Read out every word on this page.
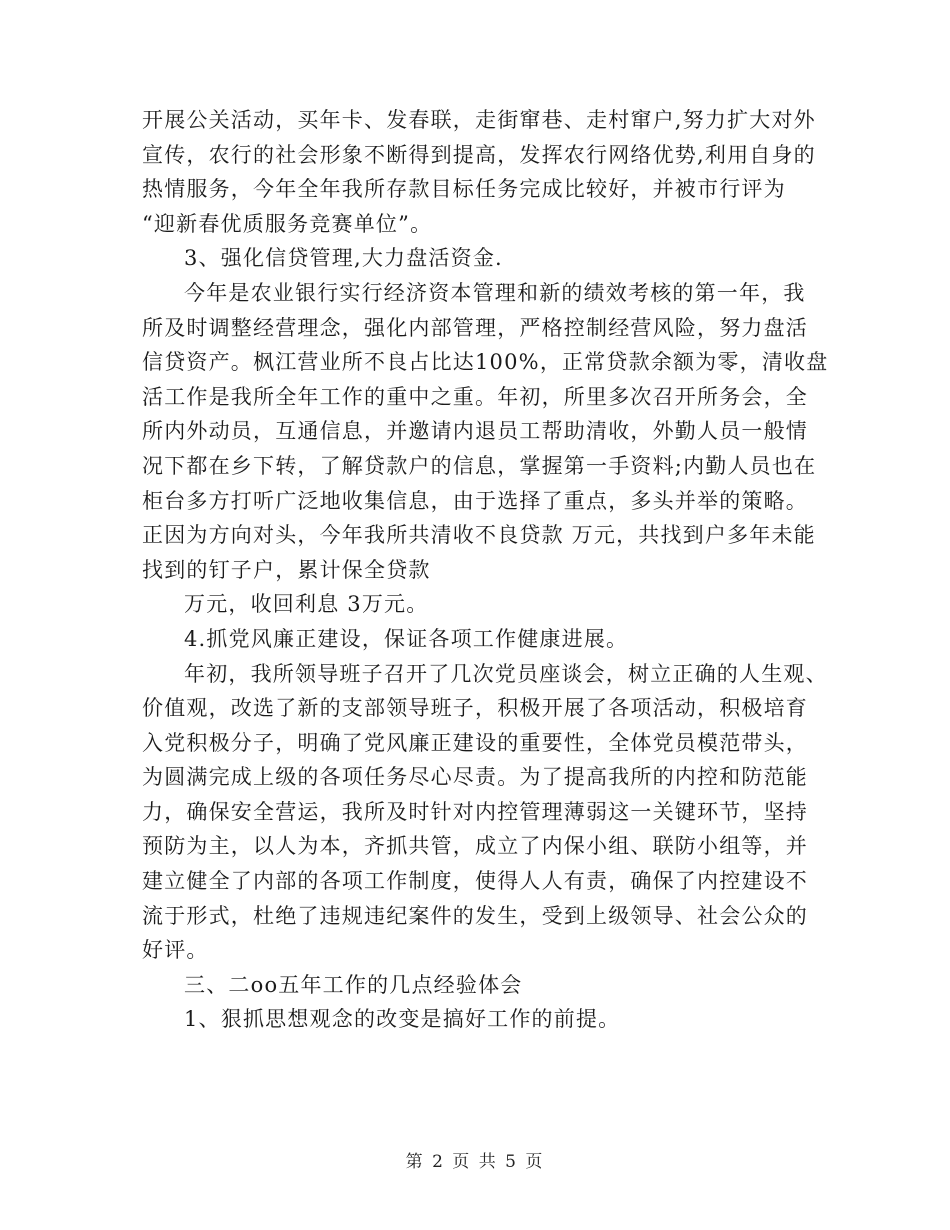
开展公关活动，买年卡、发春联，走街窜巷、走村窜户,努力扩大对外
宣传，农行的社会形象不断得到提高，发挥农行网络优势,利用自身的
热情服务，今年全年我所存款目标任务完成比较好，并被市行评为
“迎新春优质服务竞赛单位”。
3、强化信贷管理,大力盘活资金.
今年是农业银行实行经济资本管理和新的绩效考核的第一年，我
所及时调整经营理念，强化内部管理，严格控制经营风险，努力盘活
信贷资产。枫江营业所不良占比达100%，正常贷款余额为零，清收盘
活工作是我所全年工作的重中之重。年初，所里多次召开所务会，全
所内外动员，互通信息，并邀请内退员工帮助清收，外勤人员一般情
况下都在乡下转，了解贷款户的信息，掌握第一手资料;内勤人员也在
柜台多方打听广泛地收集信息，由于选择了重点，多头并举的策略。
正因为方向对头，今年我所共清收不良贷款 万元，共找到户多年未能
找到的钉子户，累计保全贷款
万元，收回利息 3万元。
4.抓党风廉正建设，保证各项工作健康进展。
年初，我所领导班子召开了几次党员座谈会，树立正确的人生观、
价值观，改选了新的支部领导班子，积极开展了各项活动，积极培育
入党积极分子，明确了党风廉正建设的重要性，全体党员模范带头，
为圆满完成上级的各项任务尽心尽责。为了提高我所的内控和防范能
力，确保安全营运，我所及时针对内控管理薄弱这一关键环节，坚持
预防为主，以人为本，齐抓共管，成立了内保小组、联防小组等，并
建立健全了内部的各项工作制度，使得人人有责，确保了内控建设不
流于形式，杜绝了违规违纪案件的发生，受到上级领导、社会公众的
好评。
三、二oo五年工作的几点经验体会
1、狠抓思想观念的改变是搞好工作的前提。
第 2 页 共 5 页
